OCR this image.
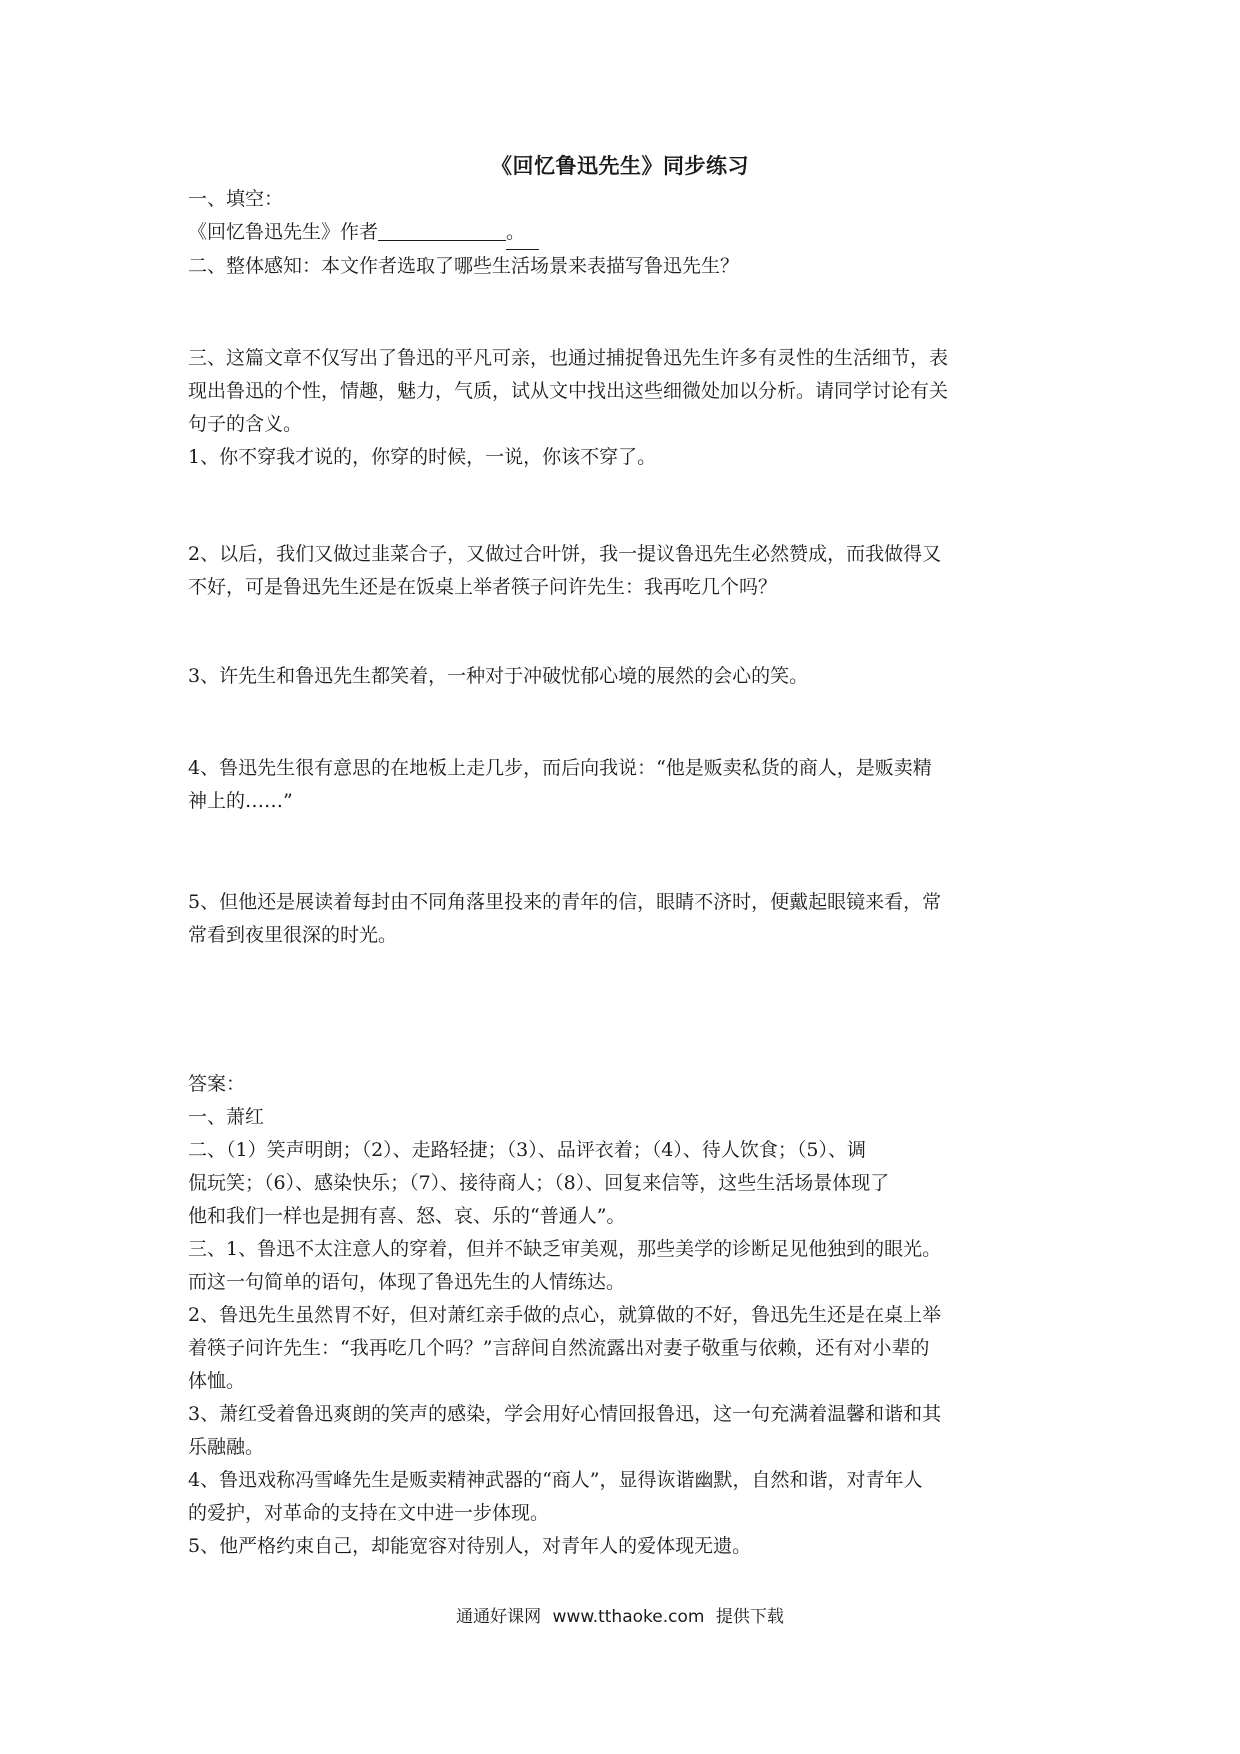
《回忆鲁迅先生》同步练习

一、填空：

《回忆鲁迅先生》作者	。

二、整体感知：本文作者选取了哪些生活场景来表描写鲁迅先生？

三、这篇文章不仅写出了鲁迅的平凡可亲，也通过捕捉鲁迅先生许多有灵性的生活细节，表

现出鲁迅的个性，情趣，魅力，气质，试从文中找出这些细微处加以分析。请同学讨论有关

句子的含义。

1、你不穿我才说的，你穿的时候，一说，你该不穿了。

2、以后，我们又做过韭菜合子，又做过合叶饼，我一提议鲁迅先生必然赞成，而我做得又

不好，可是鲁迅先生还是在饭桌上举者筷子问许先生：我再吃几个吗？

3、许先生和鲁迅先生都笑着，一种对于冲破忧郁心境的展然的会心的笑。

4、鲁迅先生很有意思的在地板上走几步，而后向我说：“他是贩卖私货的商人，是贩卖精

神上的……”

5、但他还是展读着每封由不同角落里投来的青年的信，眼睛不济时，便戴起眼镜来看，常

常看到夜里很深的时光。

答案：

一、萧红

二、（1）笑声明朗；（2）、走路轻捷；（3）、品评衣着；（4）、待人饮食；（5）、调

侃玩笑；（6）、感染快乐；（7）、接待商人；（8）、回复来信等，这些生活场景体现了

他和我们一样也是拥有喜、怒、哀、乐的“普通人”。

三、1、鲁迅不太注意人的穿着，但并不缺乏审美观，那些美学的诊断足见他独到的眼光。

而这一句简单的语句，体现了鲁迅先生的人情练达。

2、鲁迅先生虽然胃不好，但对萧红亲手做的点心，就算做的不好，鲁迅先生还是在桌上举

着筷子问许先生：“我再吃几个吗？”言辞间自然流露出对妻子敬重与依赖，还有对小辈的

体恤。

3、萧红受着鲁迅爽朗的笑声的感染，学会用好心情回报鲁迅，这一句充满着温馨和谐和其

乐融融。

4、鲁迅戏称冯雪峰先生是贩卖精神武器的“商人”，显得诙谐幽默，自然和谐，对青年人

的爱护，对革命的支持在文中进一步体现。

5、他严格约束自己，却能宽容对待别人，对青年人的爱体现无遗。

通通好课网 www.tthaoke.com 提供下载
